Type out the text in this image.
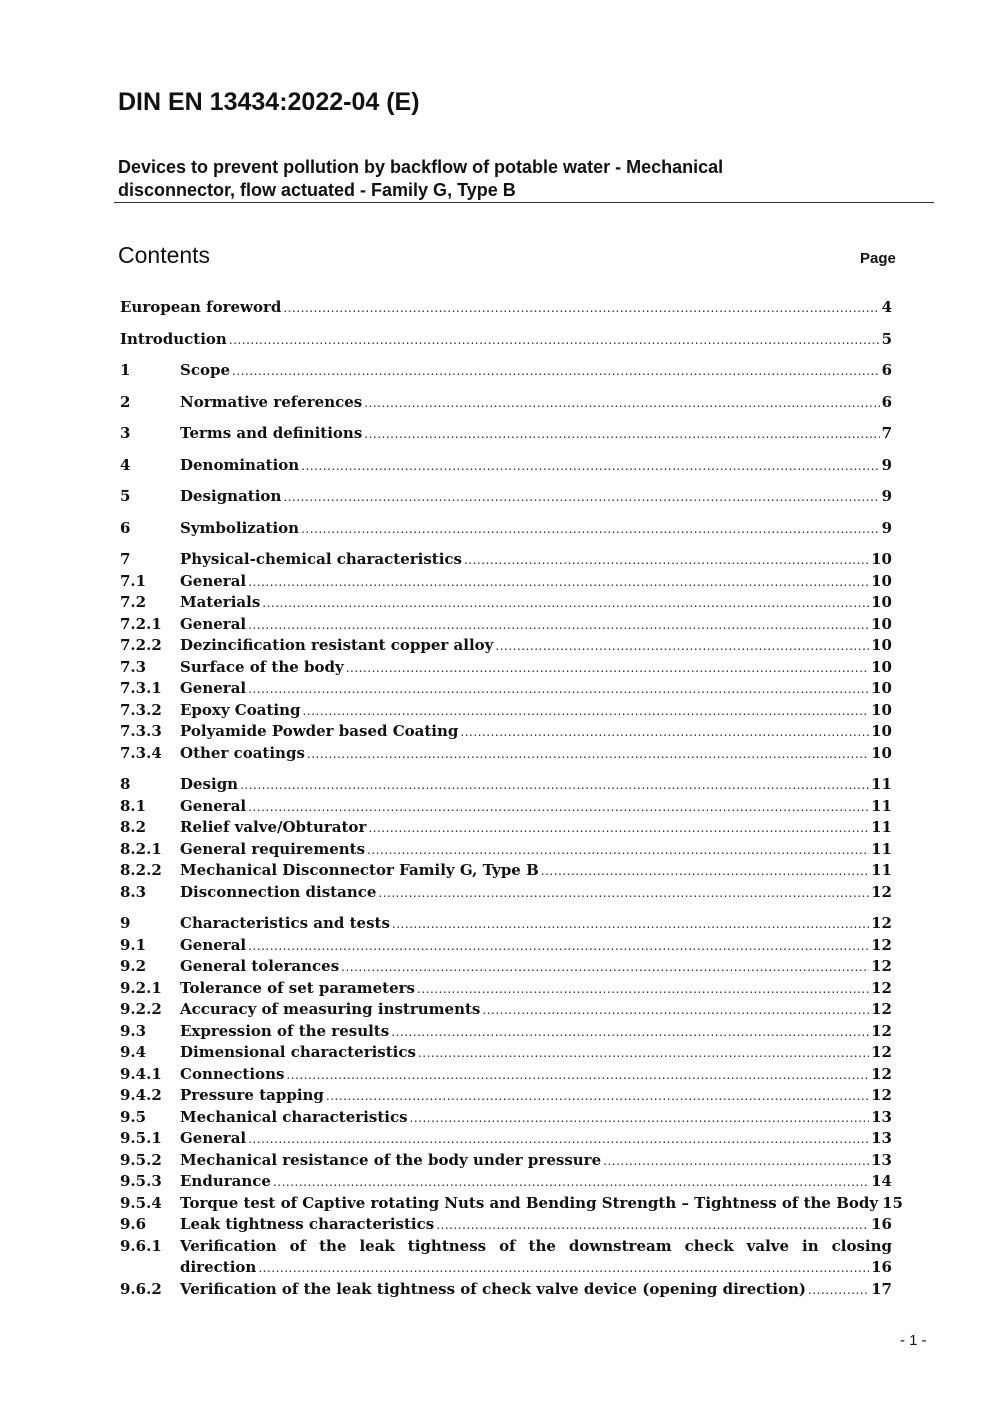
DIN EN 13434:2022-04 (E)
Devices to prevent pollution by backflow of potable water - Mechanical
disconnector, flow actuated - Family G, Type B
Contents	Page
European foreword .....	4
Introduction .....	5
1	Scope .....	6
2	Normative references .....	6
3	Terms and definitions .....	7
4	Denomination .....	9
5	Designation .....	9
6	Symbolization .....	9
7	Physical-chemical characteristics .....	10
7.1	General .....	10
7.2	Materials .....	10
7.2.1	General .....	10
7.2.2	Dezincification resistant copper alloy .....	10
7.3	Surface of the body .....	10
7.3.1	General .....	10
7.3.2	Epoxy Coating .....	10
7.3.3	Polyamide Powder based Coating .....	10
7.3.4	Other coatings .....	10
8	Design .....	11
8.1	General .....	11
8.2	Relief valve/Obturator .....	11
8.2.1	General requirements .....	11
8.2.2	Mechanical Disconnector Family G, Type B .....	11
8.3	Disconnection distance .....	12
9	Characteristics and tests .....	12
9.1	General .....	12
9.2	General tolerances .....	12
9.2.1	Tolerance of set parameters .....	12
9.2.2	Accuracy of measuring instruments .....	12
9.3	Expression of the results .....	12
9.4	Dimensional characteristics .....	12
9.4.1	Connections .....	12
9.4.2	Pressure tapping .....	12
9.5	Mechanical characteristics .....	13
9.5.1	General .....	13
9.5.2	Mechanical resistance of the body under pressure .....	13
9.5.3	Endurance .....	14
9.5.4	Torque test of Captive rotating Nuts and Bending Strength – Tightness of the Body 15
9.6	Leak tightness characteristics .....	16
9.6.1	Verification of the leak tightness of the downstream check valve in closing
direction .....	16
9.6.2	Verification of the leak tightness of check valve device (opening direction) .....	17
- 1 -
